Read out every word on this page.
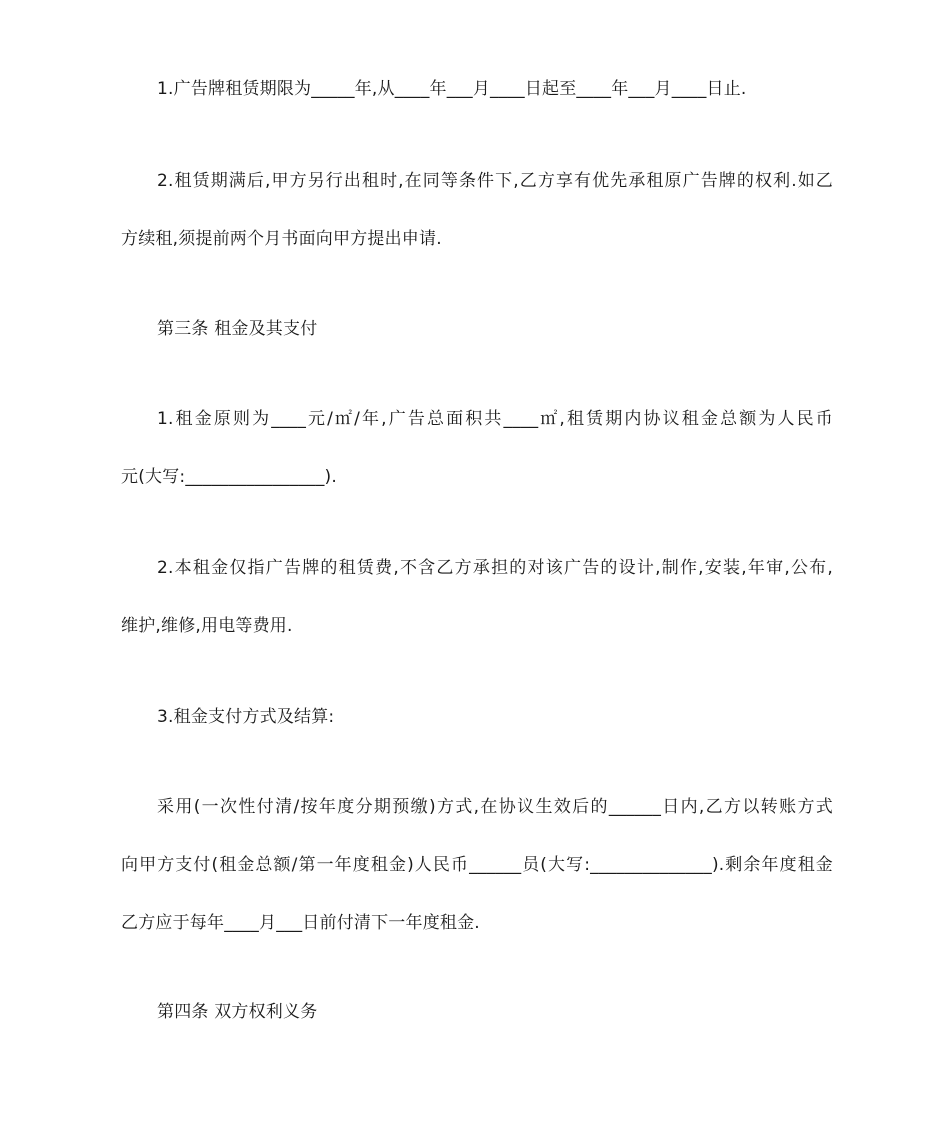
1.广告牌租赁期限为_____年,从____年___月____日起至____年___月____日止.
2.租赁期满后,甲方另行出租时,在同等条件下,乙方享有优先承租原广告牌的权利.如乙
方续租,须提前两个月书面向甲方提出申请.
第三条 租金及其支付
1.租金原则为____元/㎡/年,广告总面积共____㎡,租赁期内协议租金总额为人民币
元(大写:________________).
2.本租金仅指广告牌的租赁费,不含乙方承担的对该广告的设计,制作,安装,年审,公布,
维护,维修,用电等费用.
3.租金支付方式及结算:
采用(一次性付清/按年度分期预缴)方式,在协议生效后的______日内,乙方以转账方式
向甲方支付(租金总额/第一年度租金)人民币______员(大写:______________).剩余年度租金
乙方应于每年____月___日前付清下一年度租金.
第四条 双方权利义务
